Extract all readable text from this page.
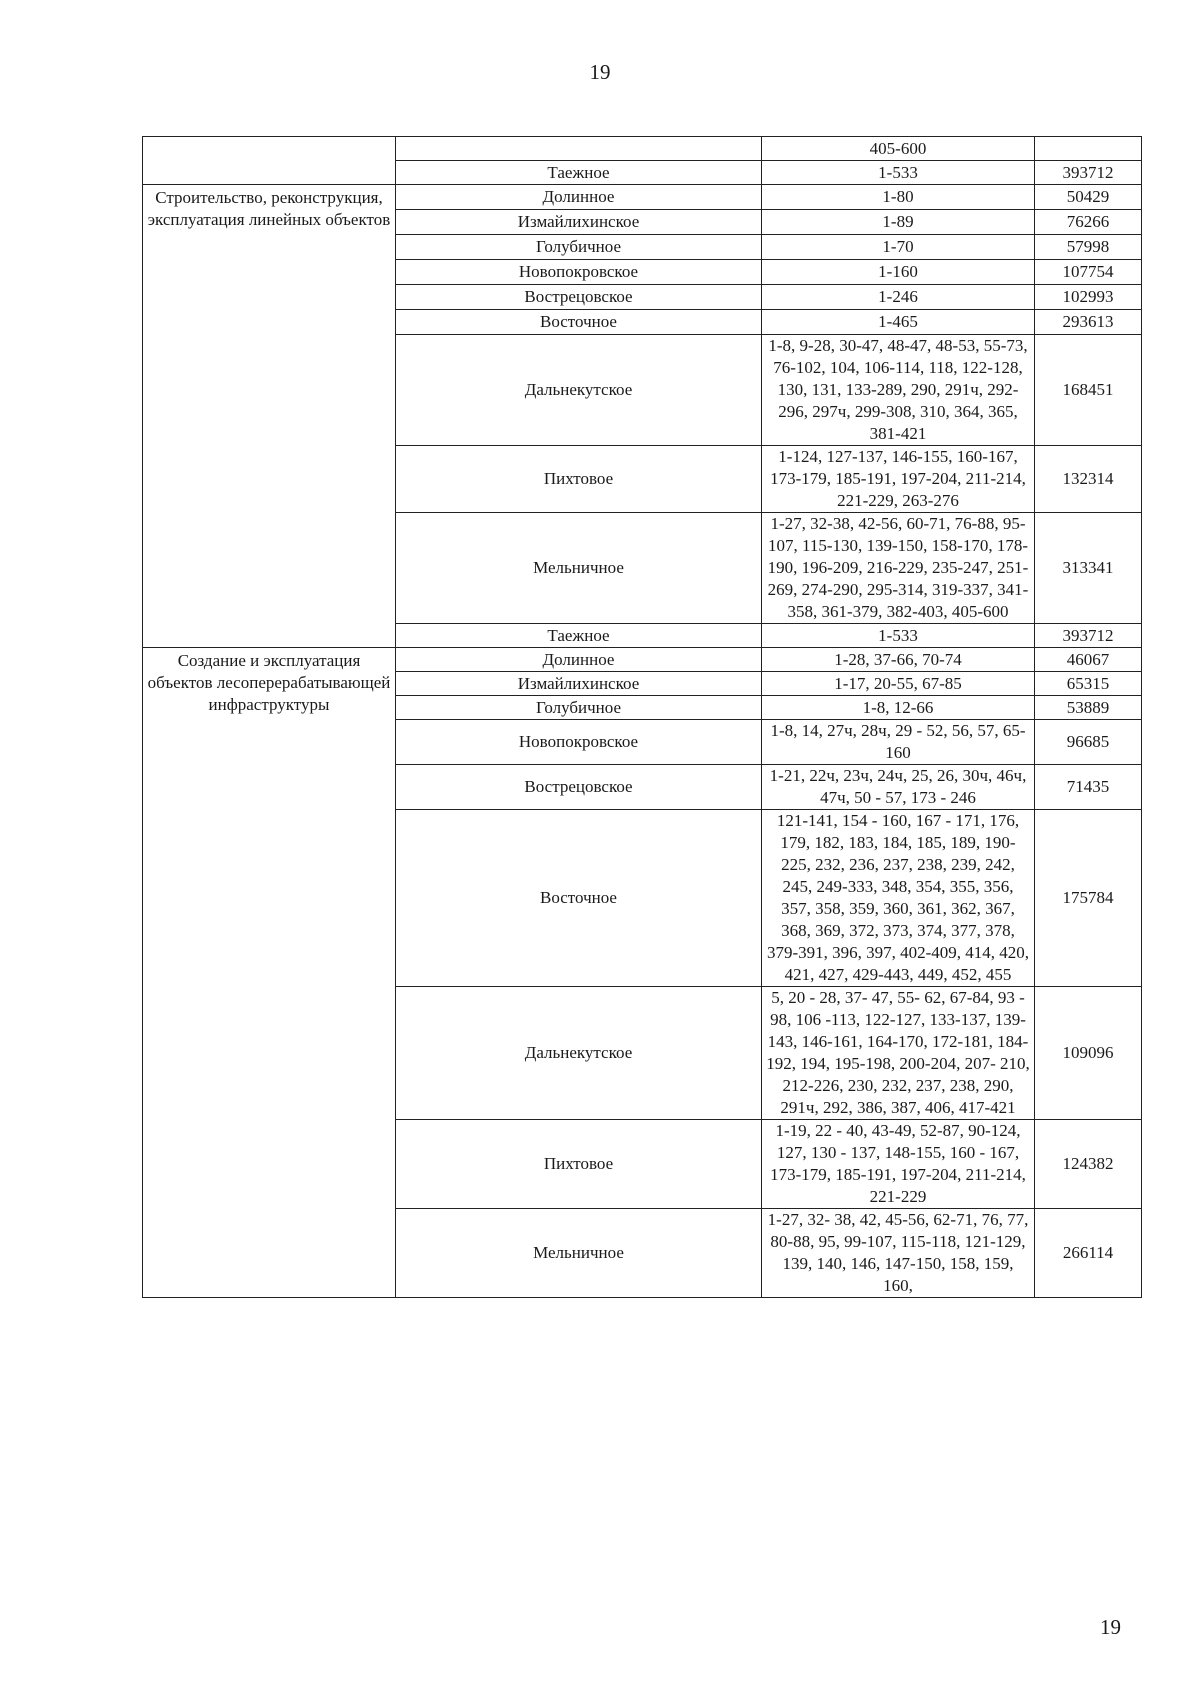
19
		405-600	
	Таежное	1-533	393712
Строительство, реконструкция, эксплуатация линейных объектов	Долинное	1-80	50429
	Измайлихинское	1-89	76266
	Голубичное	1-70	57998
	Новопокровское	1-160	107754
	Вострецовское	1-246	102993
	Восточное	1-465	293613
	Дальнекутское	1-8, 9-28, 30-47, 48-47, 48-53, 55-73, 76-102, 104, 106-114, 118, 122-128, 130, 131, 133-289, 290, 291ч, 292-296, 297ч, 299-308, 310, 364, 365, 381-421	168451
	Пихтовое	1-124, 127-137, 146-155, 160-167, 173-179, 185-191, 197-204, 211-214, 221-229, 263-276	132314
	Мельничное	1-27, 32-38, 42-56, 60-71, 76-88, 95-107, 115-130, 139-150, 158-170, 178-190, 196-209, 216-229, 235-247, 251-269, 274-290, 295-314, 319-337, 341-358, 361-379, 382-403, 405-600	313341
	Таежное	1-533	393712
Создание и эксплуатация объектов лесоперерабатывающей инфраструктуры	Долинное	1-28, 37-66, 70-74	46067
	Измайлихинское	1-17, 20-55, 67-85	65315
	Голубичное	1-8, 12-66	53889
	Новопокровское	1-8, 14, 27ч, 28ч, 29 - 52, 56, 57, 65-160	96685
	Вострецовское	1-21, 22ч, 23ч, 24ч, 25, 26, 30ч, 46ч, 47ч, 50 - 57, 173 - 246	71435
	Восточное	121-141, 154 - 160, 167 - 171, 176, 179, 182, 183, 184, 185, 189, 190-225, 232, 236, 237, 238, 239, 242, 245, 249-333, 348, 354, 355, 356, 357, 358, 359, 360, 361, 362, 367, 368, 369, 372, 373, 374, 377, 378, 379-391, 396, 397, 402-409, 414, 420, 421, 427, 429-443, 449, 452, 455	175784
	Дальнекутское	5, 20 - 28, 37- 47, 55- 62, 67-84, 93 - 98, 106 -113, 122-127, 133-137, 139-143, 146-161, 164-170, 172-181, 184-192, 194, 195-198, 200-204, 207- 210, 212-226, 230, 232, 237, 238, 290, 291ч, 292, 386, 387, 406, 417-421	109096
	Пихтовое	1-19, 22 - 40, 43-49, 52-87, 90-124, 127, 130 - 137, 148-155, 160 - 167, 173-179, 185-191, 197-204, 211-214, 221-229	124382
	Мельничное	1-27, 32- 38, 42, 45-56, 62-71, 76, 77, 80-88, 95, 99-107, 115-118, 121-129, 139, 140, 146, 147-150, 158, 159, 160,	266114
19
